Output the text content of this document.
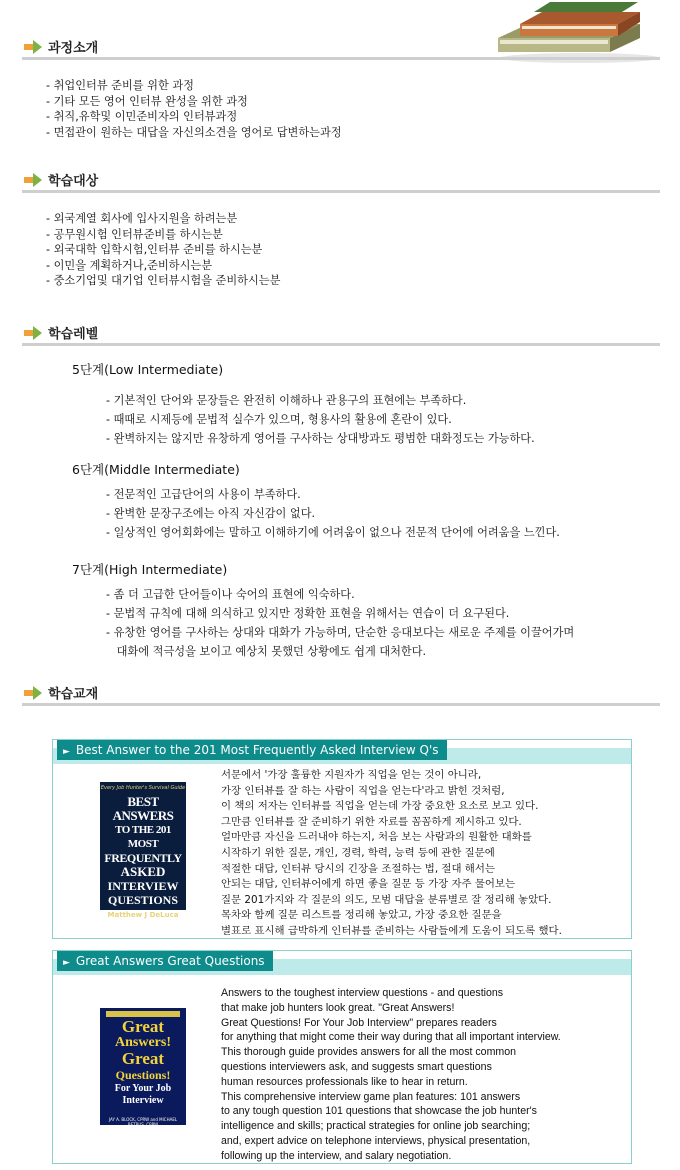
과정소개
- 취업인터뷰 준비를 위한 과정
- 기타 모든 영어 인터뷰 완성을 위한 과정
- 취직,유학및 이민준비자의 인터뷰과정
- 면접관이 원하는 대답을 자신의소견을 영어로 답변하는과정
학습대상
- 외국계열 회사에 입사지원을 하려는분
- 공무원시험 인터뷰준비를 하시는분
- 외국대학 입학시험,인터뷰 준비를 하시는분
- 이민을 계획하거나,준비하시는분
- 중소기업및 대기업 인터뷰시험을 준비하시는분
학습레벨
5단계(Low Intermediate)
- 기본적인 단어와 문장들은 완전히 이해하나 관용구의 표현에는 부족하다.
- 때때로 시제등에 문법적 실수가 있으며, 형용사의 활용에 혼란이 있다.
- 완벽하지는 않지만 유창하게 영어를 구사하는 상대방과도 평범한 대화정도는 가능하다.
6단계(Middle Intermediate)
- 전문적인 고급단어의 사용이 부족하다.
- 완벽한 문장구조에는 아직 자신감이 없다.
- 일상적인 영어회화에는 말하고 이해하기에 어려움이 없으나 전문적 단어에 어려움을 느낀다.
7단계(High Intermediate)
- 좀 더 고급한 단어들이나 숙어의 표현에 익숙하다.
- 문법적 규칙에 대해 의식하고 있지만 정확한 표현을 위해서는 연습이 더 요구된다.
- 유창한 영어를 구사하는 상대와 대화가 가능하며, 단순한 응대보다는 새로운 주제를 이끌어가며
대화에 적극성을 보이고 예상치 못했던 상황에도 쉽게 대처한다.
학습교재
► Best Answer to the 201 Most Frequently Asked Interview Q's
Every Job Hunter's Survival Guide
BEST ANSWERS
TO THE 201 MOST
FREQUENTLY
ASKED
INTERVIEW
QUESTIONS
Matthew J DeLuca
서문에서 '가장 훌륭한 지원자가 직업을 얻는 것이 아니라,
가장 인터뷰를 잘 하는 사람이 직업을 얻는다'라고 밝힌 것처럼,
이 책의 저자는 인터뷰를 직업을 얻는데 가장 중요한 요소로 보고 있다.
그만큼 인터뷰를 잘 준비하기 위한 자료를 꼼꼼하게 제시하고 있다.
얼마만큼 자신을 드러내야 하는지, 처음 보는 사람과의 원활한 대화를
시작하기 위한 질문, 개인, 경력, 학력, 능력 등에 관한 질문에
적절한 대답, 인터뷰 당시의 긴장을 조절하는 법, 절대 해서는
안되는 대답, 인터뷰어에게 하면 좋을 질문 등 가장 자주 물어보는
질문 201가지와 각 질문의 의도, 모범 대답을 분류별로 잘 정리해 놓았다.
목차와 함께 질문 리스트를 정리해 놓았고, 가장 중요한 질문을
별표로 표시해 급박하게 인터뷰를 준비하는 사람들에게 도움이 되도록 했다.
► Great Answers Great Questions
Great
Answers!
Great
Questions!
For Your Job
Interview
JAY A. BLOCK, CPRW and MICHAEL BETRUS, CPRW
Answers to the toughest interview questions - and questions
that make job hunters look great. "Great Answers!
Great Questions! For Your Job Interview" prepares readers
for anything that might come their way during that all important interview.
This thorough guide provides answers for all the most common
questions interviewers ask, and suggests smart questions
human resources professionals like to hear in return.
This comprehensive interview game plan features: 101 answers
to any tough question 101 questions that showcase the job hunter's
intelligence and skills; practical strategies for online job searching;
and, expert advice on telephone interviews, physical presentation,
following up the interview, and salary negotiation.
